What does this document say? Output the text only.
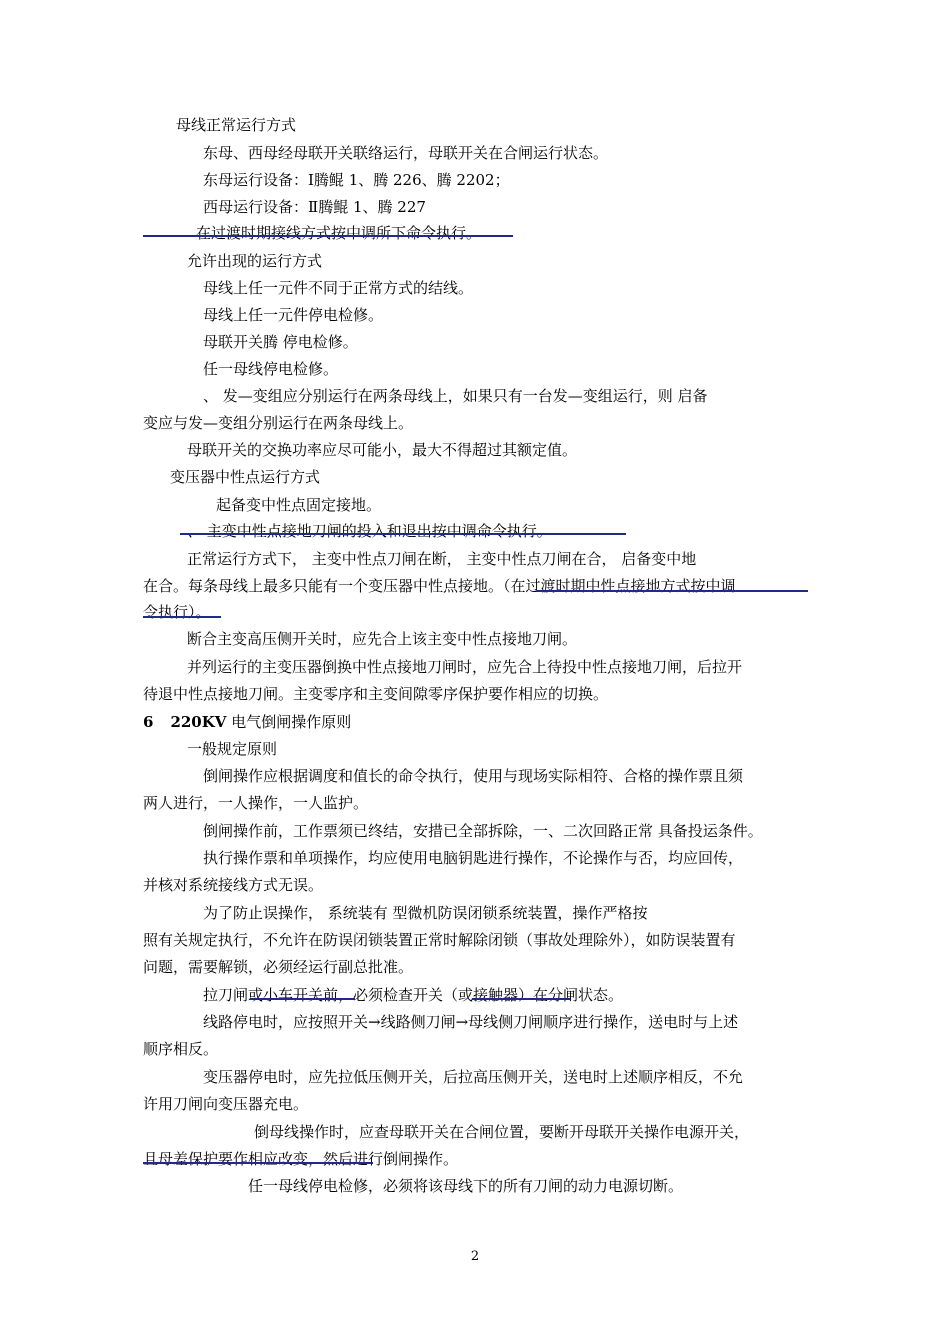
母线正常运行方式
东母、西母经母联开关联络运行，母联开关在合闸运行状态。
东母运行设备：Ⅰ腾鲲 1、腾 226、腾 2202；
西母运行设备：Ⅱ腾鲲 1、腾 227
在过渡时期接线方式按中调所下命令执行。
允许出现的运行方式
母线上任一元件不同于正常方式的结线。
母线上任一元件停电检修。
母联开关腾 停电检修。
任一母线停电检修。
、 发—变组应分别运行在两条母线上，如果只有一台发—变组运行，则 启备
变应与发—变组分别运行在两条母线上。
母联开关的交换功率应尽可能小，最大不得超过其额定值。
变压器中性点运行方式
起备变中性点固定接地。
、 主变中性点接地刀闸的投入和退出按中调命令执行。
正常运行方式下， 主变中性点刀闸在断， 主变中性点刀闸在合， 启备变中地
在合。每条母线上最多只能有一个变压器中性点接地。（在过渡时期中性点接地方式按中调
令执行）。
断合主变高压侧开关时，应先合上该主变中性点接地刀闸。
并列运行的主变压器倒换中性点接地刀闸时，应先合上待投中性点接地刀闸，后拉开
待退中性点接地刀闸。主变零序和主变间隙零序保护要作相应的切换。
6 220KV 电气倒闸操作原则
一般规定原则
倒闸操作应根据调度和值长的命令执行，使用与现场实际相符、合格的操作票且须
两人进行，一人操作，一人监护。
倒闸操作前，工作票须已终结，安措已全部拆除，一、二次回路正常 具备投运条件。
执行操作票和单项操作，均应使用电脑钥匙进行操作，不论操作与否，均应回传，
并核对系统接线方式无误。
为了防止误操作， 系统装有 型微机防误闭锁系统装置，操作严格按
照有关规定执行，不允许在防误闭锁装置正常时解除闭锁（事故处理除外），如防误装置有
问题，需要解锁，必须经运行副总批准。
拉刀闸或小车开关前，必须检查开关（或接触器）在分闸状态。
线路停电时，应按照开关→线路侧刀闸→母线侧刀闸顺序进行操作，送电时与上述
顺序相反。
变压器停电时，应先拉低压侧开关，后拉高压侧开关，送电时上述顺序相反，不允
许用刀闸向变压器充电。
倒母线操作时，应查母联开关在合闸位置，要断开母联开关操作电源开关，
且母差保护要作相应改变，然后进行倒闸操作。
任一母线停电检修，必须将该母线下的所有刀闸的动力电源切断。
2
